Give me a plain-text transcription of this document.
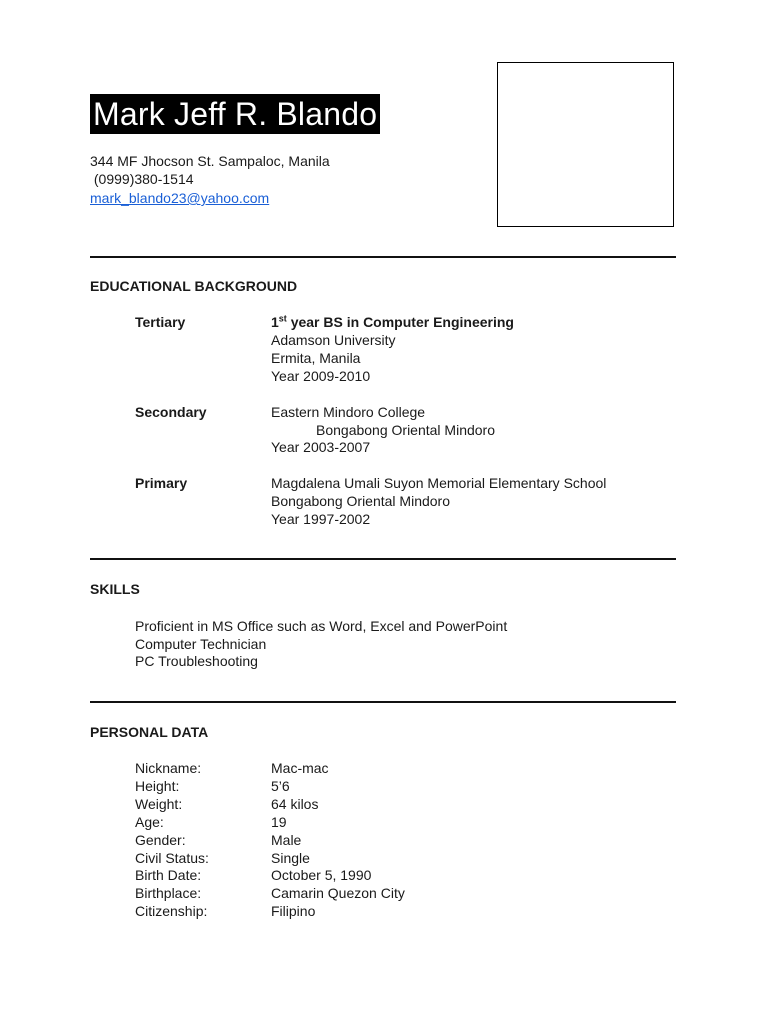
Mark Jeff R. Blando
344 MF Jhocson St. Sampaloc, Manila
(0999)380-1514
mark_blando23@yahoo.com
EDUCATIONAL BACKGROUND
Tertiary	1st year BS in Computer Engineering
Adamson University
Ermita, Manila
Year 2009-2010
Secondary	Eastern Mindoro College
Bongabong Oriental Mindoro
Year 2003-2007
Primary	Magdalena Umali Suyon Memorial Elementary School
Bongabong Oriental Mindoro
Year 1997-2002
SKILLS
Proficient in MS Office such as Word, Excel and PowerPoint
Computer Technician
PC Troubleshooting
PERSONAL DATA
Nickname:	Mac-mac
Height:	5’6
Weight:	64 kilos
Age:	19
Gender:	Male
Civil Status:	Single
Birth Date:	October 5, 1990
Birthplace:	Camarin Quezon City
Citizenship:	Filipino
